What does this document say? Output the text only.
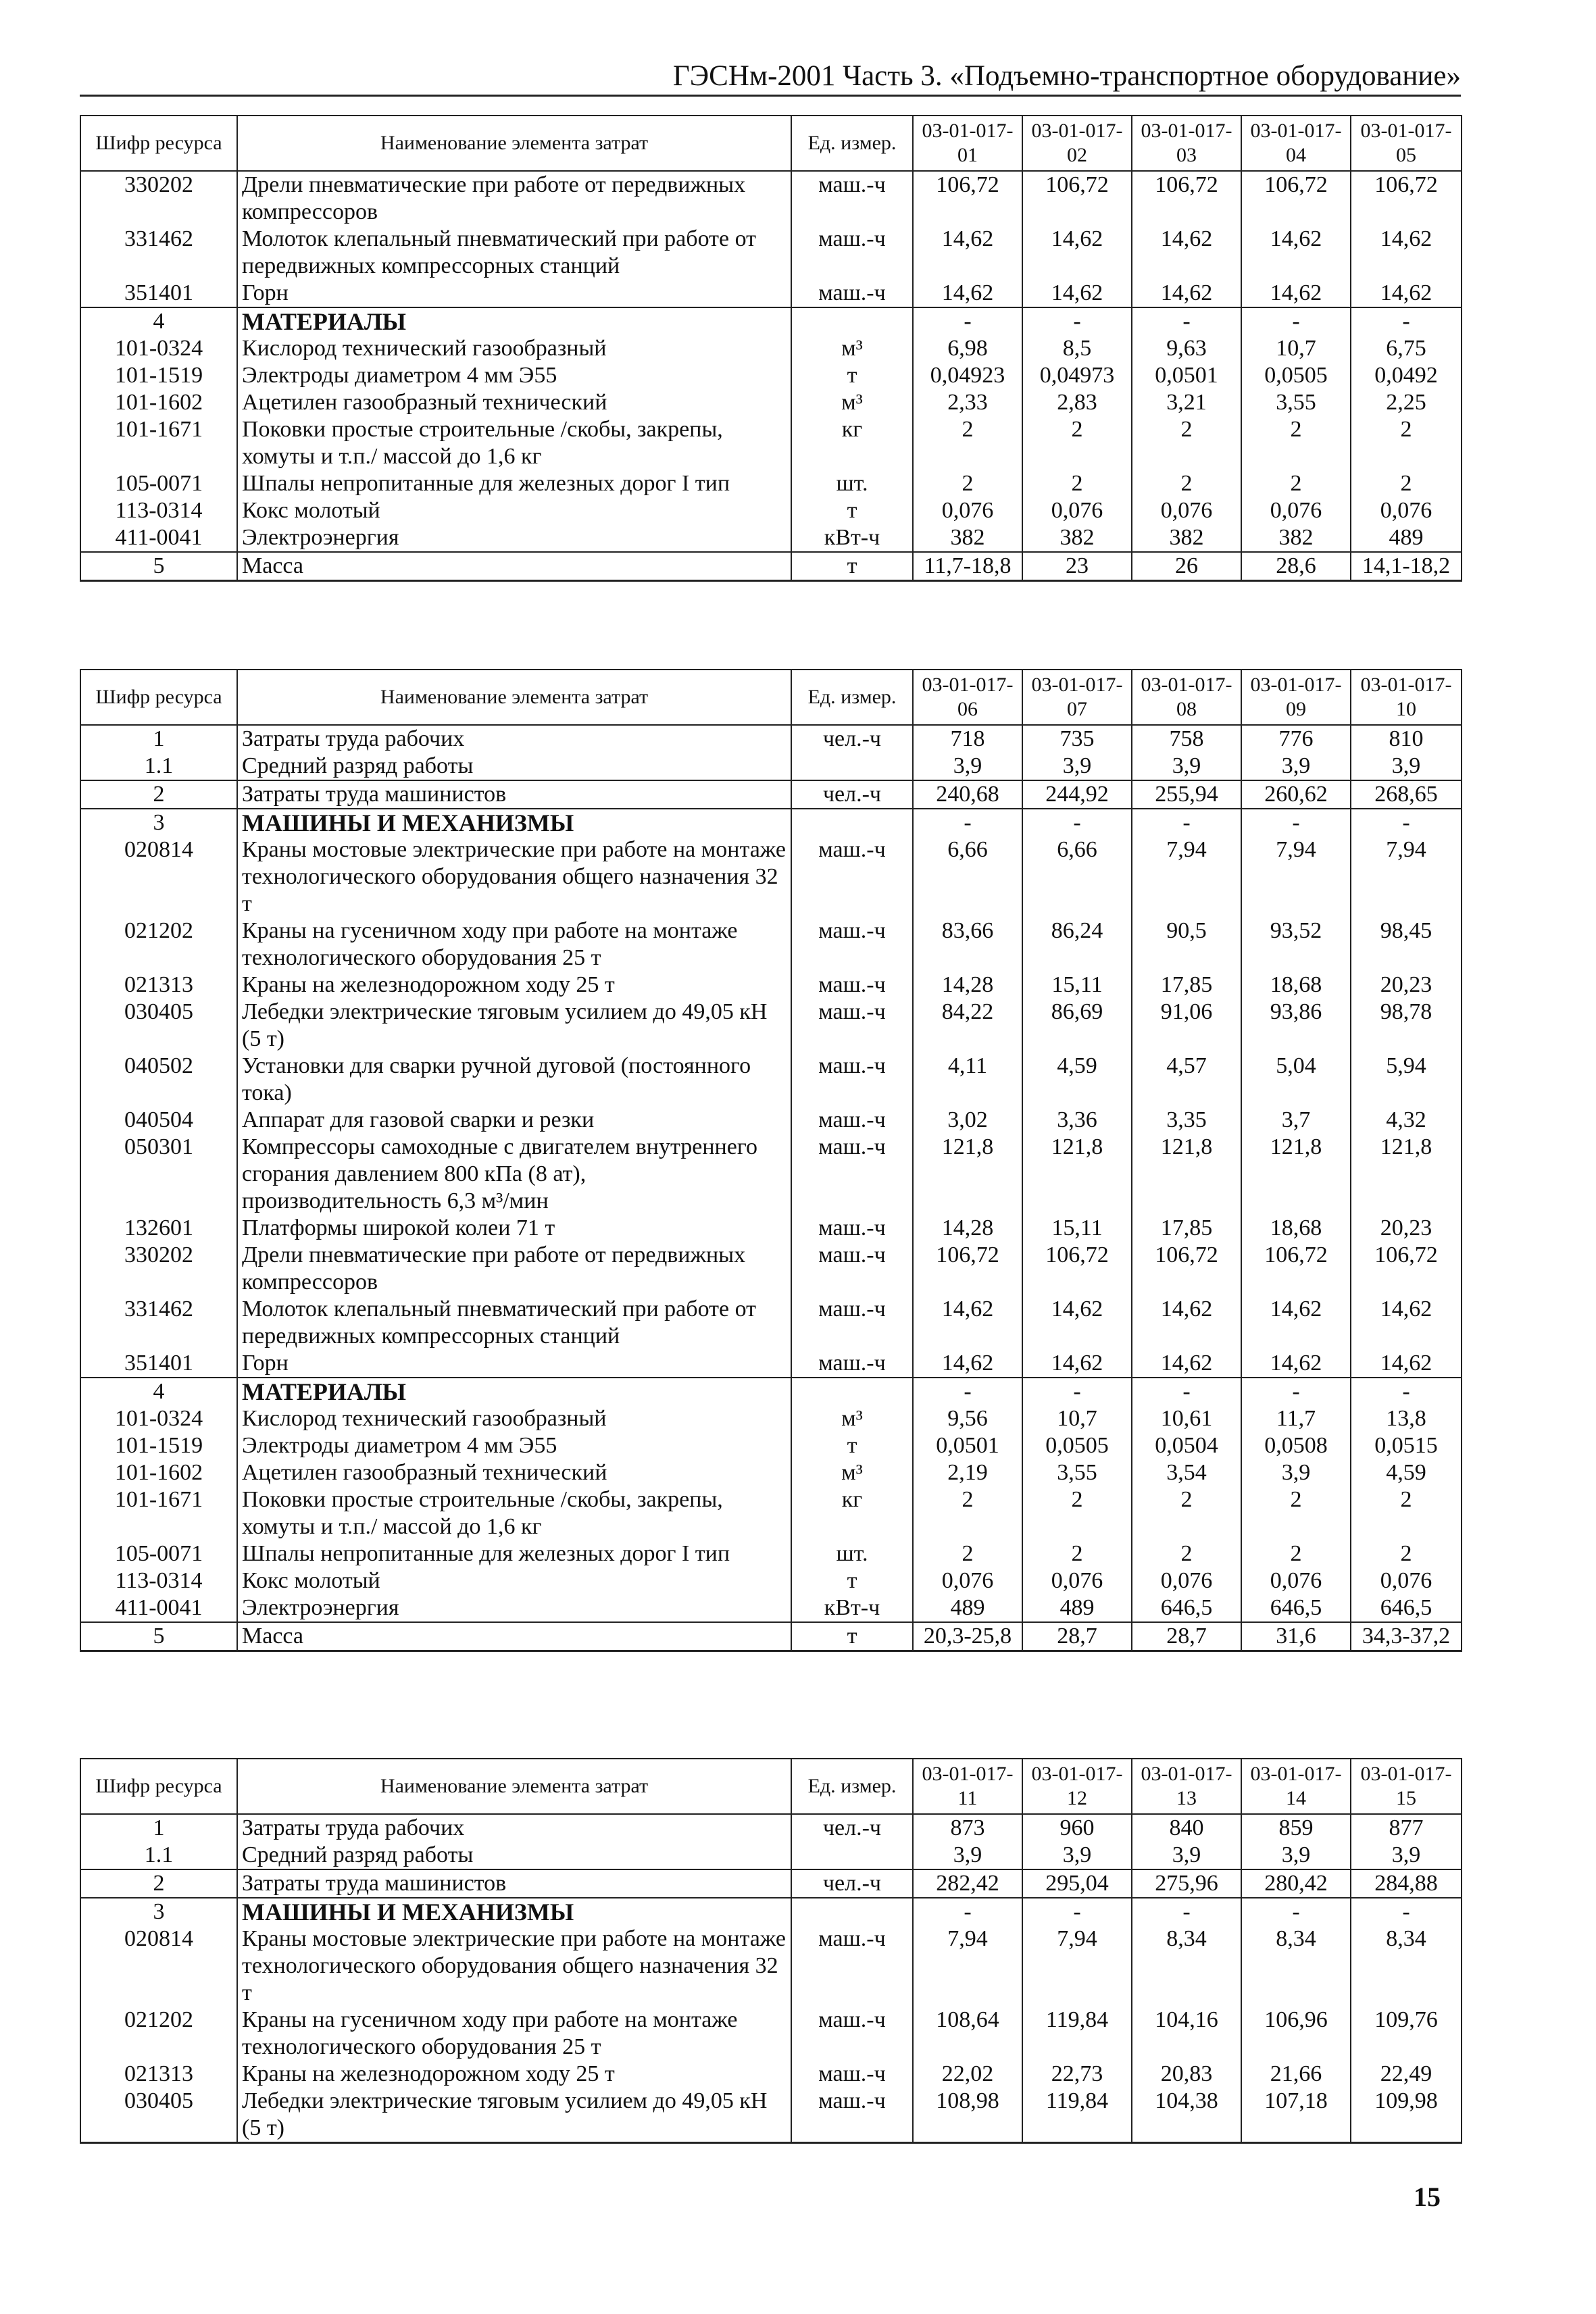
ГЭСНм-2001 Часть 3. «Подъемно-транспортное оборудование»
Шифр ресурса	Наименование элемента затрат	Ед. измер.	03-01-017-01	03-01-017-02	03-01-017-03	03-01-017-04	03-01-017-05
330202	Дрели пневматические при работе от передвижных компрессоров	маш.-ч	106,72	106,72	106,72	106,72	106,72
331462	Молоток клепальный пневматический при работе от передвижных компрессорных станций	маш.-ч	14,62	14,62	14,62	14,62	14,62
351401	Горн	маш.-ч	14,62	14,62	14,62	14,62	14,62
4	МАТЕРИАЛЫ		-	-	-	-	-
101-0324	Кислород технический газообразный	м³	6,98	8,5	9,63	10,7	6,75
101-1519	Электроды диаметром 4 мм Э55	т	0,04923	0,04973	0,0501	0,0505	0,0492
101-1602	Ацетилен газообразный технический	м³	2,33	2,83	3,21	3,55	2,25
101-1671	Поковки простые строительные /скобы, закрепы, хомуты и т.п./ массой до 1,6 кг	кг	2	2	2	2	2
105-0071	Шпалы непропитанные для железных дорог I тип	шт.	2	2	2	2	2
113-0314	Кокс молотый	т	0,076	0,076	0,076	0,076	0,076
411-0041	Электроэнергия	кВт-ч	382	382	382	382	489
5	Масса	т	11,7-18,8	23	26	28,6	14,1-18,2
Шифр ресурса	Наименование элемента затрат	Ед. измер.	03-01-017-06	03-01-017-07	03-01-017-08	03-01-017-09	03-01-017-10
1	Затраты труда рабочих	чел.-ч	718	735	758	776	810
1.1	Средний разряд работы		3,9	3,9	3,9	3,9	3,9
2	Затраты труда машинистов	чел.-ч	240,68	244,92	255,94	260,62	268,65
3	МАШИНЫ И МЕХАНИЗМЫ		-	-	-	-	-
020814	Краны мостовые электрические при работе на монтаже технологического оборудования общего назначения 32 т	маш.-ч	6,66	6,66	7,94	7,94	7,94
021202	Краны на гусеничном ходу при работе на монтаже технологического оборудования 25 т	маш.-ч	83,66	86,24	90,5	93,52	98,45
021313	Краны на железнодорожном ходу 25 т	маш.-ч	14,28	15,11	17,85	18,68	20,23
030405	Лебедки электрические тяговым усилием до 49,05 кН (5 т)	маш.-ч	84,22	86,69	91,06	93,86	98,78
040502	Установки для сварки ручной дуговой (постоянного тока)	маш.-ч	4,11	4,59	4,57	5,04	5,94
040504	Аппарат для газовой сварки и резки	маш.-ч	3,02	3,36	3,35	3,7	4,32
050301	Компрессоры самоходные с двигателем внутреннего сгорания давлением 800 кПа (8 ат), производительность 6,3 м³/мин	маш.-ч	121,8	121,8	121,8	121,8	121,8
132601	Платформы широкой колеи 71 т	маш.-ч	14,28	15,11	17,85	18,68	20,23
330202	Дрели пневматические при работе от передвижных компрессоров	маш.-ч	106,72	106,72	106,72	106,72	106,72
331462	Молоток клепальный пневматический при работе от передвижных компрессорных станций	маш.-ч	14,62	14,62	14,62	14,62	14,62
351401	Горн	маш.-ч	14,62	14,62	14,62	14,62	14,62
4	МАТЕРИАЛЫ		-	-	-	-	-
101-0324	Кислород технический газообразный	м³	9,56	10,7	10,61	11,7	13,8
101-1519	Электроды диаметром 4 мм Э55	т	0,0501	0,0505	0,0504	0,0508	0,0515
101-1602	Ацетилен газообразный технический	м³	2,19	3,55	3,54	3,9	4,59
101-1671	Поковки простые строительные /скобы, закрепы, хомуты и т.п./ массой до 1,6 кг	кг	2	2	2	2	2
105-0071	Шпалы непропитанные для железных дорог I тип	шт.	2	2	2	2	2
113-0314	Кокс молотый	т	0,076	0,076	0,076	0,076	0,076
411-0041	Электроэнергия	кВт-ч	489	489	646,5	646,5	646,5
5	Масса	т	20,3-25,8	28,7	28,7	31,6	34,3-37,2
Шифр ресурса	Наименование элемента затрат	Ед. измер.	03-01-017-11	03-01-017-12	03-01-017-13	03-01-017-14	03-01-017-15
1	Затраты труда рабочих	чел.-ч	873	960	840	859	877
1.1	Средний разряд работы		3,9	3,9	3,9	3,9	3,9
2	Затраты труда машинистов	чел.-ч	282,42	295,04	275,96	280,42	284,88
3	МАШИНЫ И МЕХАНИЗМЫ		-	-	-	-	-
020814	Краны мостовые электрические при работе на монтаже технологического оборудования общего назначения 32 т	маш.-ч	7,94	7,94	8,34	8,34	8,34
021202	Краны на гусеничном ходу при работе на монтаже технологического оборудования 25 т	маш.-ч	108,64	119,84	104,16	106,96	109,76
021313	Краны на железнодорожном ходу 25 т	маш.-ч	22,02	22,73	20,83	21,66	22,49
030405	Лебедки электрические тяговым усилием до 49,05 кН (5 т)	маш.-ч	108,98	119,84	104,38	107,18	109,98
15
